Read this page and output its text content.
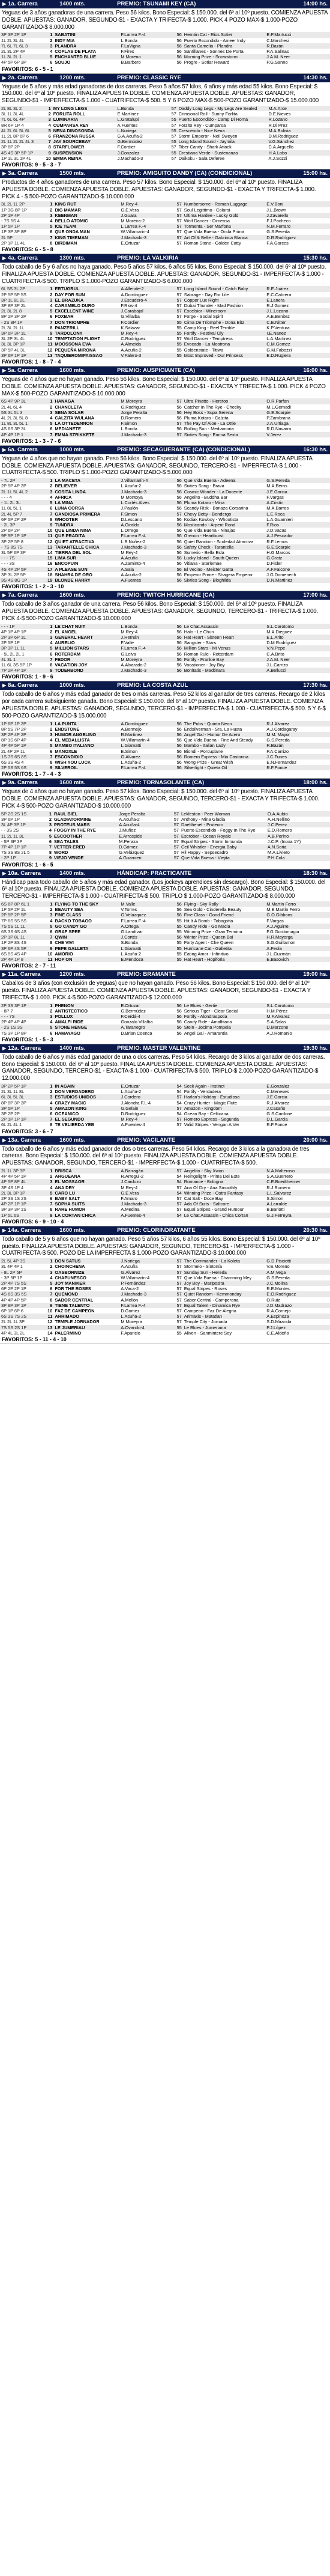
▶ 1a. Carrera	1400 mts.	PREMIO: TSUNAMI KEY (CA)	14:00 hs.

Yeguas de 3 años ganadoras de una carrera. Peso 56 kilos. Bono Especial: $ 150.000. del 6º al 10º puesto. COMIENZA APUESTA DOBLE. APUESTAS: GANADOR, SEGUNDO-$1 - EXACTA Y TRIFECTA-$ 1.000. PICK 4 POZO MAX-$ 1.000-POZO GARANTIZADO-$ 8.000.000

3P 3P 2P 1P	1	SABATINI	F.Larrea F.-4	56	Hernán Cat - Rios Sotier	E.P.Martucci
1L 2L 3L 4L	2	INDY MIA	L.Bonda	56	Puerto Escondido - Ameer Indy	C.Marchesi
7L 6L 7L 6L 3	3	PLANDRA	F.LaVigna	56	Santa Camelia - Plandra	R.Bazán
2L 3L 2P 4P	4	COPLAS DE PLATA	F.Fires	56	Santillanes - Sonnes De Porta	P.A.Salinas
1L 3L 2L 1	5	ENCHANTED BLUE	M.Moreno	56	Morning Prize - Snowstorm	J.A.M. Neer
4P 5P 6P 3P	6	SOUJO	B.Barbero	56	Progre - Sotiar Reward	P.G.Sanno
FAVORITOS: 6 - 5 - 1
▶ 2a. Carrera	1200 mts.	PREMIO: CLASSIC RYE	14:30 hs.

Yeguas de 5 años y más edad ganadoras de dos carreras. Peso 5 años 57 kilos, 6 años y más edad 55 kilos. Bono Especial: $ 150.000. del 6º al 10º puesto. FINALIZA APUESTA DOBLE. COMIENZA APUESTA DOBLE. APUESTAS: GANADOR, SEGUNDO-$1 - IMPERFECTA-$ 1.000 - CUATRIFECTA-$ 500. 5 Y 6 POZO MAX-$ 500-POZO GARANTIZADO-$ 15.000.000

2L 8L 3L 2	1	MY LONG LEGS	L.Bonda	57	Daddy Long Legs - My Legs Are Sealed	M.A.Arce
3L 1L 3L 4L	2	FORLITA ROLL	E.Martínez	57	Crimsonal Roll - Sunny Forlita	D.E.Nieves
7L 6L 6L 4P	3	LUMINARIA	L.Gratalupi	55	Puerto Escondido - Camp Di Roma	R.Lozano
8R 6P 1P 4	4	CUMPARSA REY	A.Fuentes	57	Forzito Rey - Cumparsa	R.Di Prez
4L 2L 6L 5L 6L	5	NENA DINOSONDA	L.Noriega	55	Crescendo - Nice Nena	M.A.Bolivia
1L 2L 8P 6P 6	6	FRANZONA RUSSA	G.A.Acuña-2	57	Storm Emperor - Neil Sweyen	D.M.Rodriguez
2L 1L 2L 2L 4L 3	7	JAY SOURCEBAY	G.Bermúdez	55	Long Island Sound - Jaymila	V.G.Sánchez
3P 6P 2P	8	STARFLOWER	F.Cordier	57	Tiber Candy - Shark Attack	C.A.Arguello
4S 4S 3P 5P 1P	9	SUSPENSION	J.Gonzalez	55	Crestiana Verde - Sustenanza	H.A.Lobo
1P 1L 3L 1P 4L	10	EMMA REINA	J.Machado-3	57	Daikoku - Sala Deferee	A.J.Sozzi
FAVORITOS: 9 - 5 - 3 - 7
▶ 3a. Carrera	1500 mts.	PREMIO: AMIGUITO DANDY (CA) (CONDICIONAL)	15:00 hs.

Productos de 4 años ganadores de una carrera. Peso 57 kilos. Bono Especial: $ 150.000. del 6º al 10º puesto. FINALIZA APUESTA DOBLE. COMIENZA APUESTA DOBLE. APUESTAS: GANADOR, SEGUNDO-$1 - EXACTA Y TRIFECTA-$ 1.000. PICK 4 - $ 500-POZO GARANTIZADO-$ 10.000.000

3L 2L 1L 2P	1	KING RUT	M.Rey-4	57	Numbersome - Roman Luggage	E.V.Boni
1P 3G 8P 1P	2	BIG MAMAR	G.E.Vera	57	Soul Legittimo - Colarsi	J.L.Brown
2P 1P 4P	3	KEENMAN	J.Guara	57	Ultima Hardee - Lucky Gold	J.Zavarello
- 7S 5S 4	4	BELLO ATOMIC	M.Moreira-2	57	Wolf Dancer - Dimensa	F.J.Pacheco
1P 5P 1P	5	ICE TEAM	L.Larrea F.-4	57	Tormenta - Ser Marfona	N.M.Ferraro
1P 3P 3P 8P	6	QUE ONDA MAN	W.Villamarin-4	57	Que Vida Buena - Onda Prima	G.S.Pereda
2L 5P	7	KING TIMEMAN	J.Machado-3	57	Art Of & Belle - Gabrinca Blanca	D.R.Rodríguez
2P 1P 1L 4L	8	BIRDIMAN	E.Ortuzar	57	Roman Stone - Golden Catty	F.A.Garces
FAVORITOS: 6 - 5 - 8
▶ 4a. Carrera	1300 mts.	PREMIO: LA VALKIRIA	15:30 hs.

Todo caballo de 5 y 6 años no haya ganado. Peso 5 años 57 kilos, 6 años 55 kilos. Bono Especial: $ 150.000. del 6º al 10º puesto. FINALIZA APUESTA DOBLE. COMIENZA APUESTA DOBLE. APUESTAS: GANADOR, SEGUNDO-$1 - IMPERFECTA-$ 1.000 - CUATRIFECTA-$ 500. TRIPLO $ 1.000-POZO GARANTIZADO-$ 6.000.000

6L 5S 3L 2P	1	ERTUGRUL	A.Allende-2	57	Long Island Sound - Catch Baby	R.E.Juárez
2P 5P 5P 5S	2	DAY FOR SUN	A.Domínguez	57	Sabrage - Day For Life	E.C.Cabrera
3P 1L 8L 2L	3	EL BRAZUKA	J.Escudero-4	57	Copper Lux Right	E.Lanera
3P 8P 3P 2L	4	CARAMELO DURO	F.Rios-4	57	Dubai Thunder - Mad Fashion	R.J.Gomez
2L 3L 2L 8	5	EXCELLENT WINE	J.Carabajal	57	Excelsior - Wineroom	J.L.Lozano
8P 2P 3P 2P	6	FOXBAR	G.Villalba	57	Forge - Social Spirit	A.E.Benitez
- 2S 8P 1P	7	DON TRIOMPHE	F.Cordier	55	Cima De Triomphe - Dona Bitz	C.E.Nitter
2L 3L 2L 1L	8	PANZERILL	K.Salazar	55	Camp King - Reel Terrible	K.P.Ventura
3P 6P 3P 1L	9	TARDOLONY	M.Rey-4	55	Fortify - Festival Oly	I.E.Nanez
3L 2P 3L 4L	10	TEMPTATION FLIGHT	C.Rodríguez	57	Wolf Dancer - Temptress	L.A.Martinez
3L 3L 3P 1P	11	MOOSSONA EVA	A.Almeida	55	Evocado - La Mostrona	C.M.Gomez
3P 5P 4L 3L	12	PEQUEÑA MIRONA	A.Acuña-2	55	Goldenstate - Titiwa	G.M.Fabozzi
3P 6P 1P 1P	13	TAQUIEROMIPAISSAO	V.Falero-3	55	Most Improved - Our Princess	E.D.Rugiera
FAVORITOS: 1 - 8 - 7 - 4
▶ 5a. Carrera	1600 mts.	PREMIO: AUSPICIANTE (CA)	16:00 hs.

Yeguas de 4 años que no hayan ganado. Peso 56 kilos. Bono Especial: $ 150.000. del 6º al 10º puesto. FINALIZA APUESTA DOBLE. COMIENZA APUESTA DOBLE. APUESTAS: GANADOR, SEGUNDO-$1 - EXACTA Y TRIFECTA-$ 1.000. PICK 4 POZO MAX-$ 500-POZO GARANTIZADO-$ 10.000.000

6S 4P 9P 3L	1	HANAGA	M.Moreyra	57	Ultra Pinatto - Heretoo	O.R.Parfan
2L 4L 6L 4	2	CHANCLETA	G.Rodriguez	56	Catcher In The Rye - Cheeky	M.L.Gernadi
5S 3L 5L 3	3	SENA SOLAR	Jorge Peralta	56	Hey Boss - Supa Serena	G.E.Scarpie
4L 2L 3L 5L 8	4	CALZITA WULANA	D.Romero	56	Pluma Kotaro - Calzita	P.Zambrana
1L 8L 3L 5L 1	5	LA OTTEDENNON	F.Simon	57	The Pay Of Aloe - La Ottie	J.A.Urtiaga
4S 6S 3P 3L	6	MEDIANETE	L.Bonda	56	Rolling Sun - Mediamoria	R.D.Navarro
4P 4P 1P 1	7	EMMA STRIKKETE	J.Machado-3	57	Sixties Song - Emma Sexta	V.Jerez
FAVORITOS: 1 - 3 - 7 - 6
▶ 6a. Carrera	1000 mts.	PREMIO: SECAGUERANTE (CA) (CONDICIONAL)	16:30 hs.

Yeguas de 4 años que no hayan ganado. Peso 56 kilos. Bono Especial: $ 150.000. del 6º al 10º puesto. FINALIZA APUESTA DOBLE. COMIENZA APUESTA DOBLE. APUESTAS: GANADOR, SEGUNDO, TERCERO-$1 - IMPERFECTA-$ 1.000 - CUATRIFECTA-$ 500. TRIPLO $ 1.000-POZO GARANTIZADO-$ 5.000.000

- 7L 2P	1	LA MACETA	J.Villamarín-4	56	Que Vida Buena - Adeena	G.S.Pereda
2P 5P 4P 2P	2	BELIEVER	L.Acuña-2	56	Sixties Song - Brava	M.A.Berns
2L 1L 5L 4L 2	3	COSITA LINDA	J.Machado-3	56	Cosmic Wonder - La Docente	J.E.Garcia
- - - 4	4	AFRICA	M.Montoya	56	Angelito - Buddha Bar	F.Vargas
- 1L 2L 3L	5	LA MINA	L.Cortés Alves	56	Pluma Kotaro - Mina	A.Cristin
1L 8L 5L 1	6	LUNA CORSA	J.Paulón	56	Scandy Risk - Bonaza Corsarina	M.A.Barros
2L 4L 5P 7	7	GANDIOSA PRIMERA	F.Simon	57	Chevy Betty - Bendergo	L.E.Roca
6P 5P 2P 2P	8	WHOOTER	D.Lescano	56	Kodiak Kowboy - Whootista	L.A.Guarnieri
- 2L 3P	9	TUNDRA	A.Giraldo	56	Mosticando - Arpent Rond	F.Rios
2P 6P 2P	10	QUE LINDA NINA	L.Orrego	56	Que Vida Buena - Ninajas	J.D.Vacas
9P 9P 1P 1P	11	QUE PRADITA	F.Larrea F.-4	56	Grenon - Heartburst	A.J.Pescador
3P 2P 5P 8	12	QUIET ATRACTIVA	L.B.Nuñez-2	56	Quiet Random - Scoledad Atractiva	R.F.Lemos
- 7S 8S 7S	13	TARANTELLE CHICA	J.Machado-3	56	Safety Check - Tarantella	G.E.Scarpie
3L 5P 6P 3P	14	TIERRA DEL SOL	M.Rey-4	56	Sumerio - Bella Esla	H.G.Marcos
- - - 7S	15	LIMA SUR	A.Acuña	56	Lucky Island - South Queen	G.Gratz
- - - 3S	16	ENCOPUIN	A.Zaminto-4	56	Vitiana - Starlemae	D.Fisler
4S 4P 2P 5P	17	A PLEASE SUN	A.Sala	56	El Vecino - Meister Gatta	A.F.Falcone
3P 3L 2P 5P	18	SHAHRA DE ORO	A.Acuña-2	56	Emperor Prime - Shagera Emperor	J.G.Domenech
3S 4S 8G 1P	19	BLONDE HARRY	A.Fuentes	56	Sixties Song - Bloghilda	D.N.Martinez
FAVORITOS: 1 - 2 - 3 - 10
▶ 7a. Carrera	1600 mts.	PREMIO: TWITCH HURRICANE (CA)	17:00 hs.

Todo caballo de 3 años ganador de una carrera. Peso 56 kilos. Bono Especial: $ 150.000. del 6º al 10º puesto. FINALIZA APUESTA DOBLE. COMIENZA APUESTA DOBLE. APUESTAS: GANADOR, SEGUNDO, TERCERO-$1 - TRIFECTA-$ 1.000. PICK 4-$ 500-POZO GARANTIZADO-$ 10.000.000

- - - 1P	1	LE CHAT NUIT	L.Bonda	56	Le Chat Assassin	S.L.Carotomo
4P 1P 4P 1P	2	EL ANGEL	M.Rey-4	56	Halo - Le Chun	M.A.Dieguez
2P 3P 6P 1L	3	GENERAL HEART	J.Hernán	56	Hat Heart - Sixteen Heart	E.L.Arito
2P 5P 1P	4	AURELIO	F.Valle	56	Sangster - Stars	D.M.Rodríguez
3P 3P 1L 1L	5	MILLION STARS	F.Larrea F.-4	56	Million Stars - Mi Venus	V.N.Pepe
- 5L 2L 2L 1	6	ROTERDAM	G.Leiva	56	Roman Rule - Rotterdam	C.A.Brito
4L 3L 1	7	FEDOR	M.Moreyra	56	Fortify - Frankie Bay	J.A.M. Neer
1L 6L 3S 5P 1P	8	VACATION JOY	A.Alvarado-2	56	Vacationer - Joy Boy	J.L.Carrizo
7P 2P 4P 1P	9	TODERBOND	J.Machado-3	56	Bonitatis - Madtinara	A.Bellucci
FAVORITOS: 1 - 9 - 6
▶ 8a. Carrera	1000 mts.	PREMIO: LA COSTA AZUL	17:30 hs.

Todo caballo de 6 años y más edad ganador de tres o más carreras. Peso 52 kilos al ganador de tres carreras. Recargo de 2 kilos por cada carrera subsiguiente ganada. Bono Especial: $ 150.000. del 6º al 10º puesto. FINALIZA APUESTA DOBLE. COMIENZA APUESTA DOBLE. APUESTAS: GANADOR, SEGUNDO, TERCERO-$1 - IMPERFECTA-$ 1.000 - CUATRIFECTA-$ 500. 5 Y 6-$ 500-POZO GARANTIZADO-$ 15.000.000

1P 6P 1P 2P	1	LA PUNTA	A.Domínguez	56	The Pubs - Quinta Neon	R.J.Alvarez
8P 5S 7P 2P	2	ENDSTONE	A.Bermejo	56	Endsilverman - Sra. La Husta	A.J.Cordagaray
3P 2P 4P 2P	3	HUMOR ANGELINO	R.Martinez	56	Angel Gal - Humor De Acero	M.M. Mayor
8P 1S 6P 4P	4	EL MEDALLISTA	W.Villamarín-4	56	Que Vida Buena - Fine And Steady	G.S.Pereda
4P 4P 5P 1P	5	MAMBO ITALIANO	L.Giamatti	56	Mambo - Italian Lady	R.Bazán
2L 4P 2P 1L	6	MANOXLE	E.Simon	56	Biondi - Porcuplane	P.A.Carrizo
1S 7S 6S 8S	7	ESCONDIDIO	G.Alvarez	56	Romero Express - Mia Castorina	J.C.Funes
6S 3S 4S 4	8	WISH YOU LUCK	L.Acuña-2	56	Wong Prize - Great Wish	E.N.Fernandez
2P 5S 5S 6S	9	SILVEROIL	F.Larrea F.-4	56	Silverlight - Quieta Oil	R.F.Ponce
FAVORITOS: 1 - 7 - 4 - 3
▶ 9a. Carrera	1600 mts.	PREMIO: TORNASOLANTE (CA)	18:00 hs.

Yeguas de 4 años que no hayan ganado. Peso 57 kilos. Bono Especial: $ 150.000. del 6º al 10º puesto. FINALIZA APUESTA DOBLE. COMIENZA APUESTA DOBLE. APUESTAS: GANADOR, SEGUNDO, TERCERO-$1 - EXACTA Y TRIFECTA-$ 1.000. PICK 4-$ 500-POZO GARANTIZADO-$ 10.000.000

5P 2S 2S 1S	1	RAUL BIEL	Jorge Peralta	57	Lekleston - Peer Woman	O.A.Aubio
3P 6P 1P	2	GLADIATORMINE	A.Acuña-2	57	Anthony - Mina Gladia	A.H.Nellino
3L 4P 3P 1P	3	PROTEUS MARS	A.Acuña-4	57	Daelthenel - Proteum	J.C.Perez
- - 3S 2S	4	FOGGY IN THE RYE	J.Muñoz	57	Puerto Escondido - Foggy In The Rye	E.D.Romero
1L 2L 1L 3L	5	ESCOOTHER	E.Arrospide	57	Escrober - Ocean Royale	A.B.Perino
- 5P 3P 3P	6	SEA TALES	M.Peraza	57	Equal Stripes - Storm Inmunda	J.C.P. (Inoxa 1Y)
7P 4P 1P 1P	7	VETTER ERED	D.Gómez	57	Ceil Whistler - Energia Baby	A.N.Soria
7S 3S 8S 2L 5	8	WORD	G.Velázquez	57	Hil Happy - Sepsecadro	M.A.Liviero
- 2P 1P	9	VIEJO VENDE	A.Guarnieri	57	Que Vida Buena - Viejita	P.H.Cola
FAVORITOS: 1 - 6 - 5
▶ 10a. Carrera	1400 mts.	HÁNDICAP: PRACTICANTE	18:30 hs.

Hándicap para todo caballo de 5 años y más edad ganador. (Los jockeys aprendices sin descargo). Bono Especial: $ 150.000. del 6º al 10º puesto. FINALIZA APUESTA DOBLE. COMIENZA APUESTA DOBLE. APUESTAS: GANADOR, SEGUNDO, TERCERO-$1 - IMPERFECTA-$ 1.000 - CUATRIFECTA-$ 500. TRIPLO $ 1.000-POZO GARANTIZADO-$ 8.000.000

6S 6P 8P 6L 1	1	FLYING TO THE SKY	M.Valle	56	Flying - Sky Rally	M.Martín Ferro
1P 5P 2P 1L	2	BEAUTY SEA	V.Torres	56	Sea Gold - Cinderella Beauty	M.E.Martín Ferro
2P 5P 2P 5P	3	FINE CLASS	G.Velazquez	56	Fine Class - Good Friend	G.O.Gibbons
7P 6S 5S 5S	4	BACKO TOBAGO	F.Larrea F.-4	55	Hit It A Bomb - Tobagotta	F.Vargas
7S 5S 1L 1L	5	GO CANDY GO	A.Ortega	55	Candy Ride - Go Macla	A.J.Aguirre
6S 3S 6S 4S	6	GRAF SPEE	G.Landívar	55	Winning Prize - Gran Termina	F.G.Gordomagia
2P 1P 8L 1L	7	QWIN	J.Cortés	56	Winter Prize - Queen Bai	H.R.Mayorga
1P 2P 8S 4S	8	CHE VIVI	S.Bonda	55	Forty Agent - Che Queen	S.G.Guillamon
3P 6P 4S 5P	9	PEPE GALLETA	L.Giamatti	55	Hurricane Cat - Galletita	A.Feola
6S 5S 4S 4P	10	AMORIO	L.Acuña-2	55	Eating Amor - Infinitivo	J.L.Guzmán
2P 4P 1P 8	11	HOP ON	E.Mendoza	55	Hat Heart - Hopiforia	E.Basovich
FAVORITOS: 2 - 7 - 11
▶ 11a. Carrera	1200 mts.	PREMIO: BRAMANTE	19:00 hs.

Caballos de 3 años (con exclusión de yeguas) que no hayan ganado. Peso 56 kilos. Bono Especial: $ 150.000. del 6º al 10º puesto. FINALIZA APUESTA DOBLE. COMIENZA APUESTA DOBLE. APUESTAS: GANADOR, SEGUNDO-$1 - EXACTA Y TRIFECTA-$ 1.000. PICK 4-$ 500-POZO GARANTIZADO-$ 12.000.000

2P 3S 3P 1P	1	PHENON	E.Ortuzar	56	Le Blues - Gertie	S.L.Carotomo
- 8P 7	2	ANTISTECTICO	G.Bermúdez	56	Serious Tiger - Clear Social	H.M.Pérez
- - - 7S	3	POLLUX	F.Cerdá-4	56	Fortify - Alondraspotia	M.F.Alvarez
2P 4P 4P 4P	4	AMALFI RIDE	Gonzalo Villalba	56	Candy Ride - Amalfitana	S.A.Salas
- 2S 1S 3S	5	STONE HENGE	A.Taranegro	56	Stein - Jocima Pompeia	D.Marzone
7S 3P 1P 8P	6	HAMAYAGO	D.Brian Coenca	56	Angel Gal - Amarantia	A.J.Romanio
FAVORITOS: 1 - 5 - 3
▶ 12a. Carrera	1400 mts.	PREMIO: MASTER VALENTINE	19:30 hs.

Todo caballo de 6 años y más edad ganador de una o dos carreras. Peso 54 kilos. Recargo de 3 kilos al ganador de dos carreras. Bono Especial: $ 150.000. del 6º al 10º puesto. FINALIZA APUESTA DOBLE. COMIENZA APUESTA DOBLE. APUESTAS: GANADOR, SEGUNDO, TERCERO-$1 - EXACTA-$ 1.000 - CUATRIFECTA-$ 500. TRIPLO-$ 2.000-POZO GARANTIZADO-$ 12.000.000

3P 2P 5P 1P	1	IN AGAIN	E.Ortuzar	54	Seek Again - Instinct	E.Gonzalez
2L 3L 1L 8L	2	DON VERDADERO	L.Acuña-2	54	Fortify - Verdadera	C.Meneses
6L 3L 5L 3L	3	ESTUDIOS UNIDOS	J.Cordero	57	Harlan's Holiday - Estudiosa	J.E.Garcia
8P 8P 3P 3P	4	CRAZY MAGIC	J.Alondra F.L-4	54	Crazy Hunter - Magic Flute	R.J.Alvarez
3P 5P 1P	5	AMAZON KING	G.Gelain	57	Amazon - Kingdom	J.Casaño
3P 2P 2P	6	OCEANICO	D.Rodríguez	54	Ocean Bay - Celticana	G.S.Cardone
2P 1P 1P 1P	7	EL SEGUNDO	M.Rey-4	57	Romero Express - Segunda	D.L.Garcia
6L 2L 4L 1	8	TE VELIERDA YEB	A.Fuentes-4	57	Valid Stripes - Vengan A Ver	R.F.Ponce
FAVORITOS: 3 - 6 - 7
▶ 13a. Carrera	1600 mts.	PREMIO: VACILANTE	20:00 hs.

Todo caballo de 6 años y más edad ganador de dos o tres carreras. Peso 54 kilos. Recargo de 3 kilos a la ganadora de tres carreras. Bono Especial: $ 150.000. del 6º al 10º puesto. FINALIZA APUESTA DOBLE. COMIENZA APUESTA DOBLE. APUESTAS: GANADOR, SEGUNDO, TERCERO-$1 - IMPERFECTA-$ 1.000 - CUATRIFECTA-$ 500.

2L 1L 3P 3P	1	BRISCA	A.Barragán	57	Angelito - Sky Xwon	N.A.Malteroso
4P 4P 5P 1P	2	ARGUEANA	R.Arregui-2	54	Reingelight - Prima Del Este	S.A.Guerrero
4P 5P 8P 4L	3	EL MOSSAOR	J.Cardozo	54	Romance - Bologna	C.E.Boedtheimer
3P 4S 1P 4	4	ANA DRY	M.Rey-4	57	Ana Of Dry - Ana Smoothly	R.J.Romero
2L 3L 3P 1P	5	CARO LU	G.E.Vera	54	Winning Prize - Ostra Fantasy	L.L.Salvarez
2P 3S 1S 2S	6	BABY SALT	F.Amaro	57	Cat Salt - Doce Bay	S.Simon
4P 2P 1P 1P	7	SOPHA SUITS	J.Machado-3	57	Ada Of Suits - Saltcore	A.Larralde
3P 3P 3P 1S	8	RARE HUMOR	A.Medina	57	Equal Stripes - Grand Humour	B.Barlotti
1P 5L 6S	9	LA CORTAN CHICA	A.Fuentes-4	54	Le Chat Assassin - Chica Cortan	G.J.Ferreyra
FAVORITOS: 6 - 9 - 10 - 4
▶ 14a. Carrera	1600 mts.	PREMIO: CLORINDRATANTE	20:30 hs.

Todo caballo de 5 y 6 años que no hayan ganado. Peso 5 años 57 kilos, 6 años 55 kilos. Bono Especial: $ 150.000. del 6º al 10º puesto. FINALIZA APUESTA DOBLE. APUESTAS: GANADOR, SEGUNDO, TERCERO-$1 - IMPERFECTA-$ 1.000 - CUATRIFECTA-$ 500. POZO DE LA IMPERFECTA $ 1.000-POZO GARANTIZADO-$ 10.000.000

2L 5L 4P 3S	1	DON SATUS	J.Noriega	57	The Commander - La Koleta	G.D.Pisciotti
3L 4P 4P 1	2	CHOINCHENA	A.Acuña	57	Stormelo - Sintonía	V.E.Moreno
- 8L 2P 5P	3	OASBORNIZE	G.Alvarez	57	Sunday Sun - Hereda	A.M.Vega
- 3P 5P 1P	4	CHAPUNESCO	W.Villamarín-4	57	Que Vida Buena - Chamming Mey	G.S.Pereda
2P 4P 7S 5S	5	JOY MANIKER	P.Fernández	57	Joy Boy - Mariposita	J.C.Molina
6P 2P 2P 1P	6	FOR THE ROSES	A.Vaca-2	57	Equal Stripes - Roses	R.E.Montes
4S 6S 3S 5S	7	QUEMOND	J.Machado-3	57	Quiet Random - Kemmonday	E.O.Rodríguez
4P 4P 4P 5P	8	SABOR CENTRAL	A.Mellon	57	Sabor Central - Camperona	O.Ruiz
3P 8P 3P 1P	9	TIENE TALENTO	F.Larrea F.-4	57	Equal Talent - Dinamica Rye	J.D.Madrazo
6P 1P 6P 6	10	FAZ DE CAMPEON	D.Gomez	57	Campeon - Faz De Alegria	R.A.Cornejo
6S 3S 7S 2S	11	ARRIMADO	L.Acuña-2	57	Arimaxis - Matatlan	A.Espinoza
2L 2L 1L 3P	12	TEMPLE JORNADOR	M.Moreyra	57	Temple City - Jornada	S.D.Miranda
7S 5S 2S 1P	13	LE JUMERIAU	A.Ovando-4	55	Le Blues - Jumeriana	P.J.López
4P 4L 3L 2L	14	PALERMINO	F.Aparicio	55	Aliven - Sanmintere Soy	C.E.Aldeño
FAVORITOS: 5 - 11 - 4 - 10
